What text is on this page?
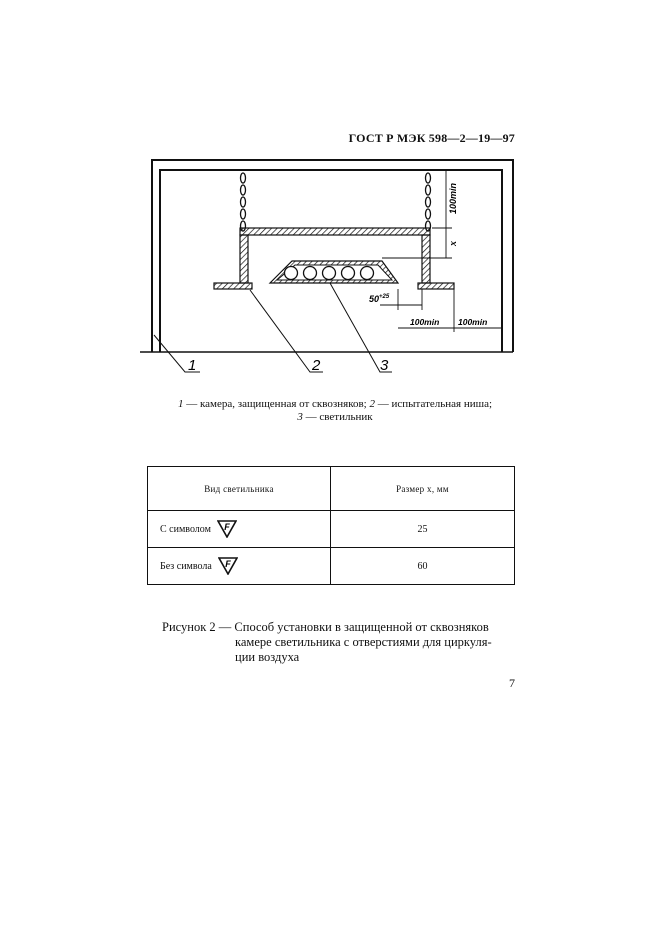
ГОСТ Р МЭК 598—2—19—97
100min
x
$50^{+25}$
100min 100min
1	2	3
1 — камера, защищенная от сквозняков; 2 — испытательная ниша;
3 — светильник
Вид светильника	Размер x, мм

С символом F	25

Без символа F	60
Рисунок 2 — Способ установки в защищенной от сквозняков
камере светильника с отверстиями для циркуля-
ции воздуха
7
